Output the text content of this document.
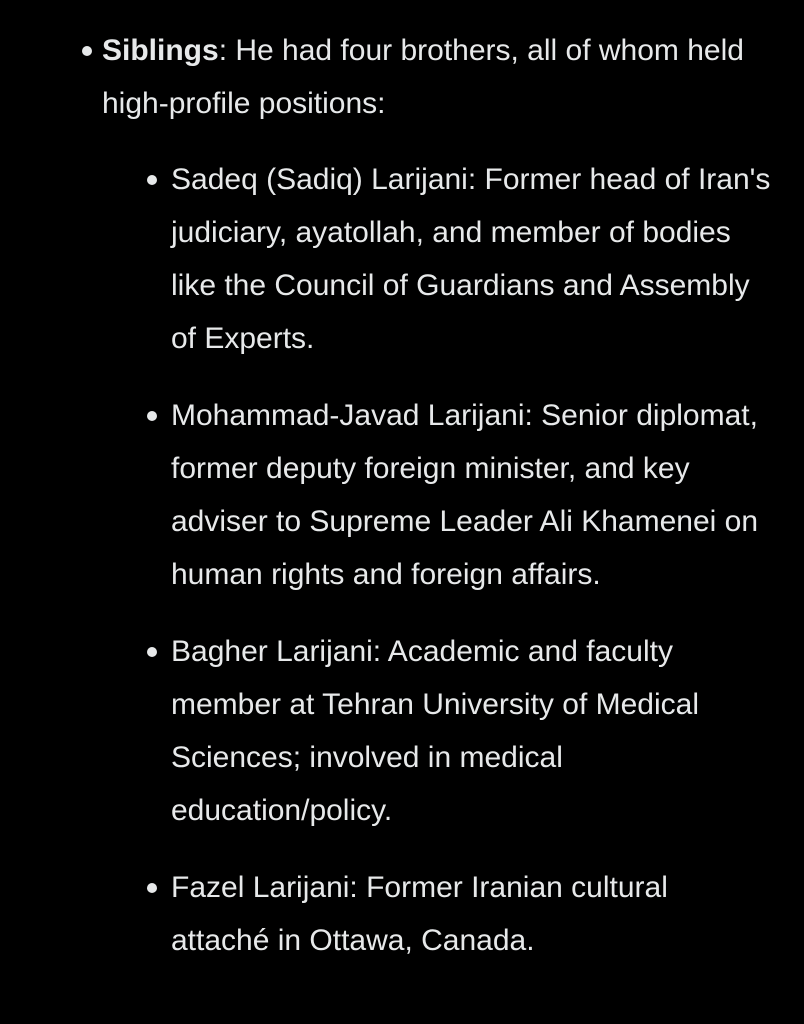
Siblings: He had four brothers, all of whom held high-profile positions:
Sadeq (Sadiq) Larijani: Former head of Iran's judiciary, ayatollah, and member of bodies like the Council of Guardians and Assembly of Experts.
Mohammad-Javad Larijani: Senior diplomat, former deputy foreign minister, and key adviser to Supreme Leader Ali Khamenei on human rights and foreign affairs.
Bagher Larijani: Academic and faculty member at Tehran University of Medical Sciences; involved in medical education/policy.
Fazel Larijani: Former Iranian cultural attaché in Ottawa, Canada.
